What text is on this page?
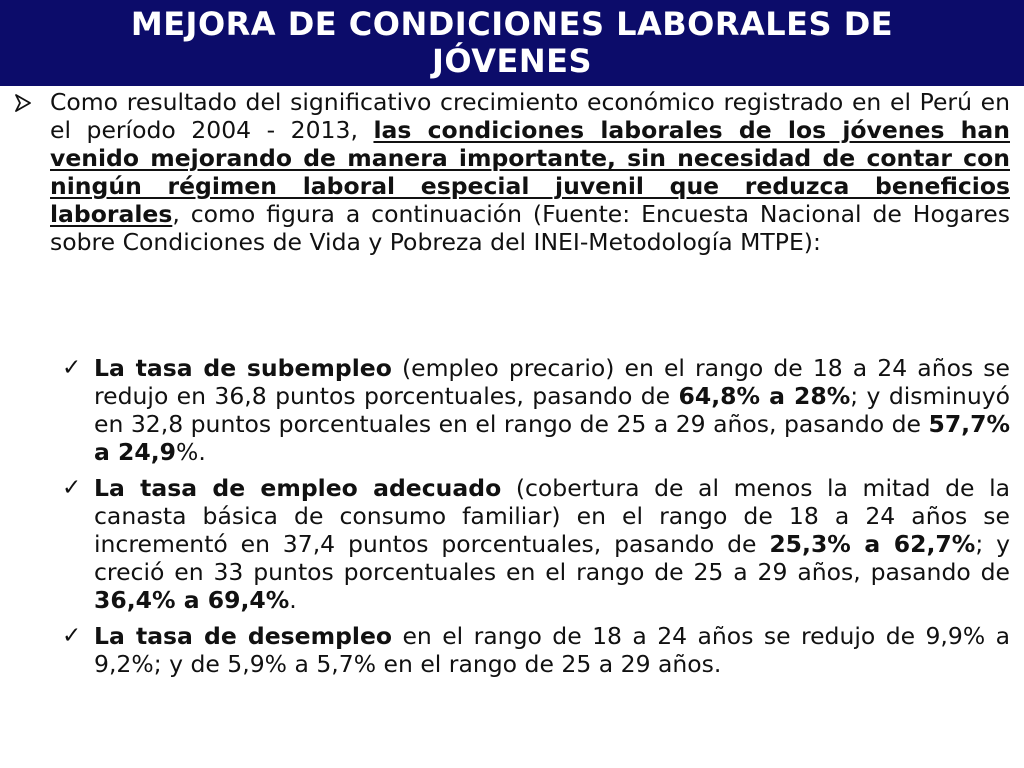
MEJORA DE CONDICIONES LABORALES DE
JÓVENES

Como resultado del significativo crecimiento económico registrado en el Perú en el período 2004 - 2013, las condiciones laborales de los jóvenes han venido mejorando de manera importante, sin necesidad de contar con ningún régimen laboral especial juvenil que reduzca beneficios laborales, como figura a continuación (Fuente: Encuesta Nacional de Hogares sobre Condiciones de Vida y Pobreza del INEI-Metodología MTPE):

✓ La tasa de subempleo (empleo precario) en el rango de 18 a 24 años se redujo en 36,8 puntos porcentuales, pasando de 64,8% a 28%; y disminuyó en 32,8 puntos porcentuales en el rango de 25 a 29 años, pasando de 57,7% a 24,9%.

✓ La tasa de empleo adecuado (cobertura de al menos la mitad de la canasta básica de consumo familiar) en el rango de 18 a 24 años se incrementó en 37,4 puntos porcentuales, pasando de 25,3% a 62,7%; y creció en 33 puntos porcentuales en el rango de 25 a 29 años, pasando de 36,4% a 69,4%.

✓ La tasa de desempleo en el rango de 18 a 24 años se redujo de 9,9% a 9,2%; y de 5,9% a 5,7% en el rango de 25 a 29 años.
